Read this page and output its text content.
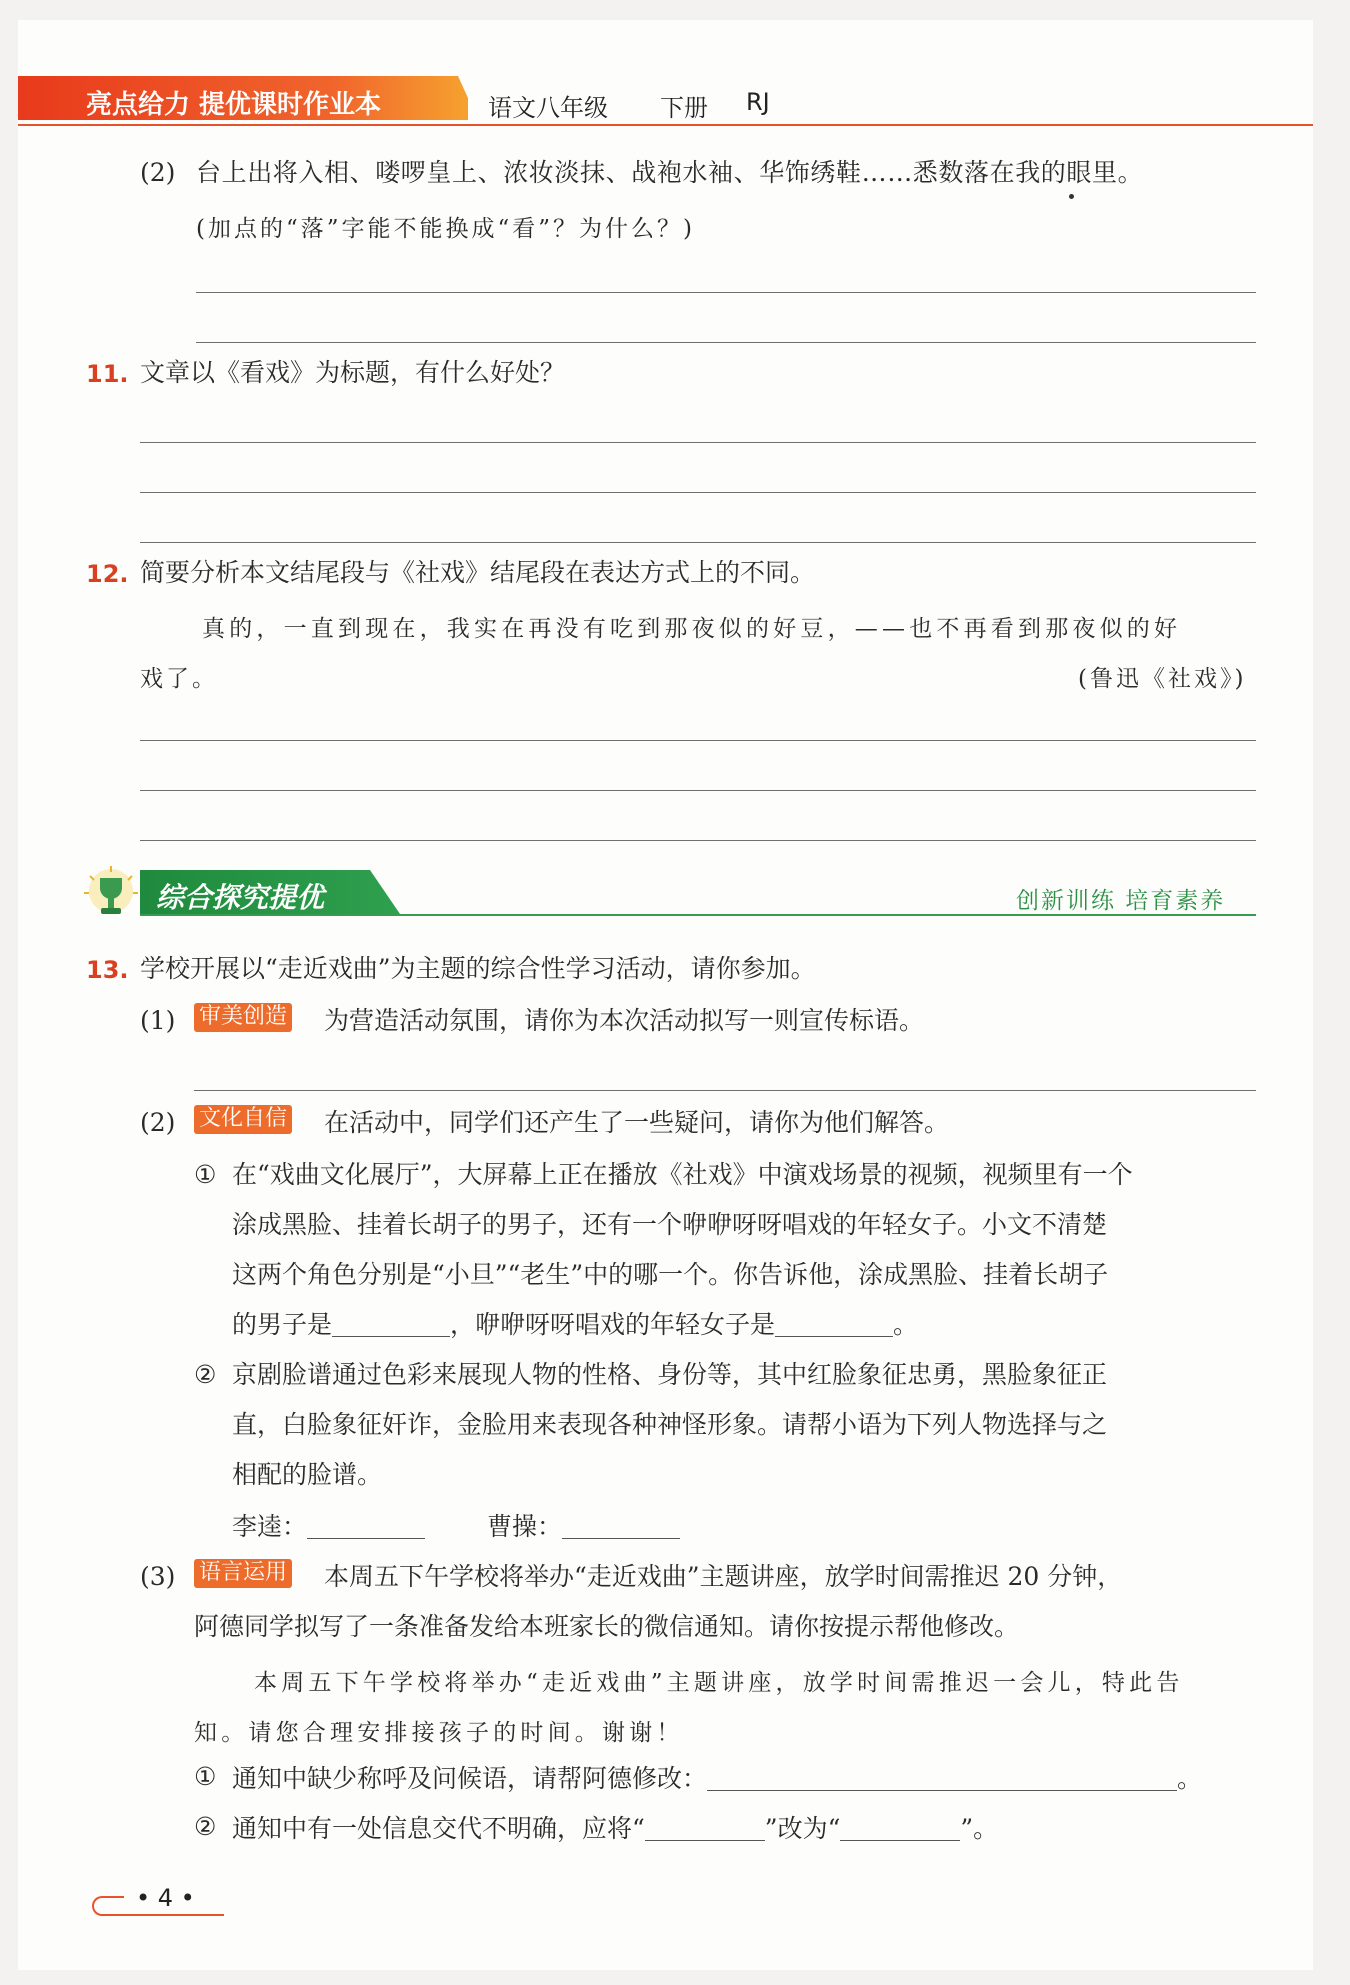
亮点给力 提优课时作业本	语文八年级 下册 RJ
(2) 台上出将入相、喽啰皇上、浓妆淡抹、战袍水袖、华饰绣鞋……悉数落在我的眼里。
(加点的“落”字能不能换成“看”？为什么？)
11. 文章以《看戏》为标题，有什么好处？
12. 简要分析本文结尾段与《社戏》结尾段在表达方式上的不同。
真的，一直到现在，我实在再没有吃到那夜似的好豆，——也不再看到那夜似的好
戏了。	(鲁迅《社戏》)
综合探究提优	创新训练 培育素养
13. 学校开展以“走近戏曲”为主题的综合性学习活动，请你参加。
(1) 审美创造 为营造活动氛围，请你为本次活动拟写一则宣传标语。
(2) 文化自信 在活动中，同学们还产生了一些疑问，请你为他们解答。
① 在“戏曲文化展厅”，大屏幕上正在播放《社戏》中演戏场景的视频，视频里有一个
涂成黑脸、挂着长胡子的男子，还有一个咿咿呀呀唱戏的年轻女子。小文不清楚
这两个角色分别是“小旦”“老生”中的哪一个。你告诉他，涂成黑脸、挂着长胡子
的男子是	，咿咿呀呀唱戏的年轻女子是	。
② 京剧脸谱通过色彩来展现人物的性格、身份等，其中红脸象征忠勇，黑脸象征正
直，白脸象征奸诈，金脸用来表现各种神怪形象。请帮小语为下列人物选择与之
相配的脸谱。
李逵：	曹操：
(3) 语言运用 本周五下午学校将举办“走近戏曲”主题讲座，放学时间需推迟 20 分钟，
阿德同学拟写了一条准备发给本班家长的微信通知。请你按提示帮他修改。
本周五下午学校将举办“走近戏曲”主题讲座，放学时间需推迟一会儿，特此告
知。请您合理安排接孩子的时间。谢谢！
① 通知中缺少称呼及问候语，请帮阿德修改：	。
② 通知中有一处信息交代不明确，应将“	”改为“	”。
• 4 •
